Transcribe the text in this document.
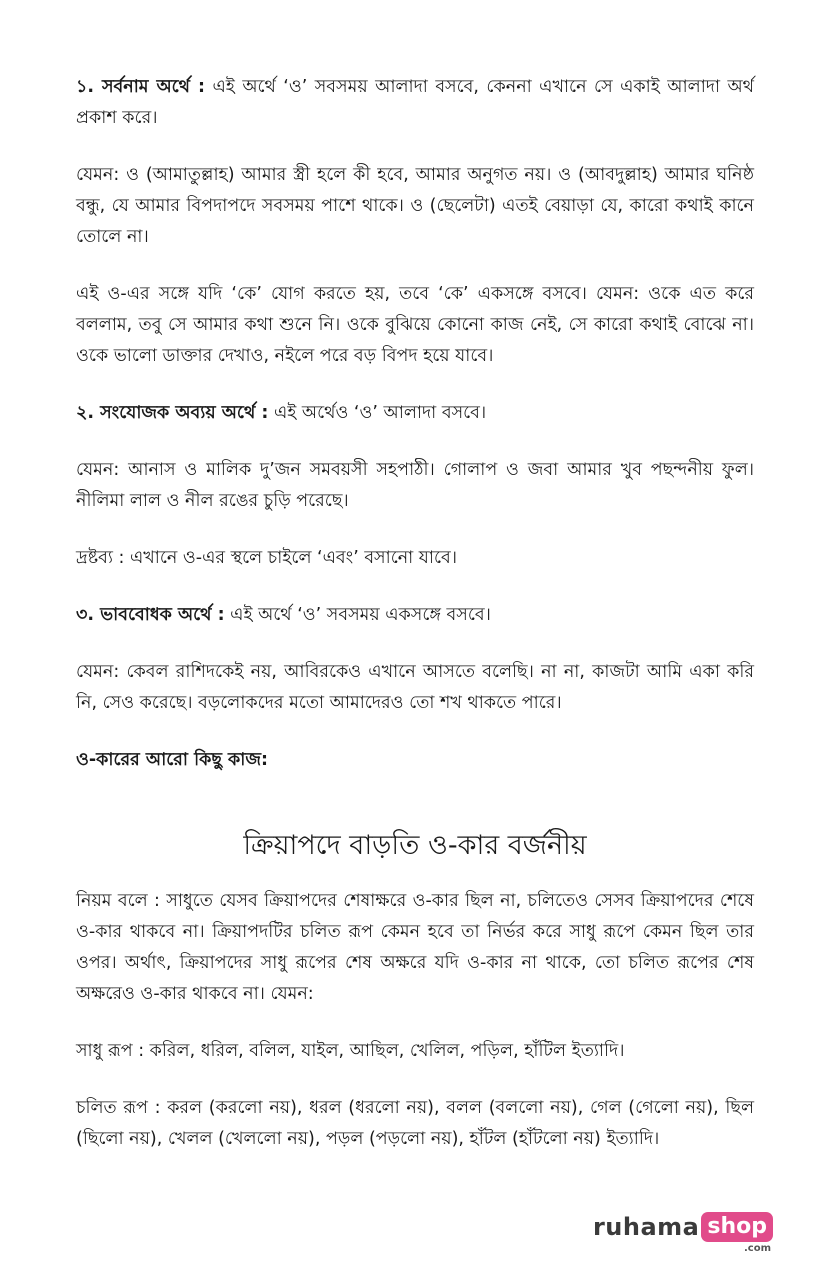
১. সর্বনাম অর্থে : এই অর্থে ‘ও’ সবসময় আলাদা বসবে, কেননা এখানে সে একাই আলাদা অর্থ প্রকাশ করে।

যেমন: ও (আমাতুল্লাহ) আমার স্ত্রী হলে কী হবে, আমার অনুগত নয়। ও (আবদুল্লাহ) আমার ঘনিষ্ঠ বন্ধু, যে আমার বিপদাপদে সবসময় পাশে থাকে। ও (ছেলেটা) এতই বেয়াড়া যে, কারো কথাই কানে তোলে না।

এই ও-এর সঙ্গে যদি ‘কে’ যোগ করতে হয়, তবে ‘কে’ একসঙ্গে বসবে। যেমন: ওকে এত করে বললাম, তবু সে আমার কথা শুনে নি। ওকে বুঝিয়ে কোনো কাজ নেই, সে কারো কথাই বোঝে না। ওকে ভালো ডাক্তার দেখাও, নইলে পরে বড় বিপদ হয়ে যাবে।

২. সংযোজক অব্যয় অর্থে : এই অর্থেও ‘ও’ আলাদা বসবে।

যেমন: আনাস ও মালিক দু’জন সমবয়সী সহপাঠী। গোলাপ ও জবা আমার খুব পছন্দনীয় ফুল। নীলিমা লাল ও নীল রঙের চুড়ি পরেছে।

দ্রষ্টব্য : এখানে ও-এর স্থলে চাইলে ‘এবং’ বসানো যাবে।

৩. ভাববোধক অর্থে : এই অর্থে ‘ও’ সবসময় একসঙ্গে বসবে।

যেমন: কেবল রাশিদকেই নয়, আবিরকেও এখানে আসতে বলেছি। না না, কাজটা আমি একা করি নি, সেও করেছে। বড়লোকদের মতো আমাদেরও তো শখ থাকতে পারে।

ও-কারের আরো কিছু কাজ:
ক্রিয়াপদে বাড়তি ও-কার বর্জনীয়

নিয়ম বলে : সাধুতে যেসব ক্রিয়াপদের শেষাক্ষরে ও-কার ছিল না, চলিতেও সেসব ক্রিয়াপদের শেষে ও-কার থাকবে না। ক্রিয়াপদটির চলিত রূপ কেমন হবে তা নির্ভর করে সাধু রূপে কেমন ছিল তার ওপর। অর্থাৎ, ক্রিয়াপদের সাধু রূপের শেষ অক্ষরে যদি ও-কার না থাকে, তো চলিত রূপের শেষ অক্ষরেও ও-কার থাকবে না। যেমন:

সাধু রূপ : করিল, ধরিল, বলিল, যাইল, আছিল, খেলিল, পড়িল, হাঁটিল ইত্যাদি।

চলিত রূপ : করল (করলো নয়), ধরল (ধরলো নয়), বলল (বললো নয়), গেল (গেলো নয়), ছিল (ছিলো নয়), খেলল (খেললো নয়), পড়ল (পড়লো নয়), হাঁটল (হাঁটলো নয়) ইত্যাদি।

ruhama shop
.com
